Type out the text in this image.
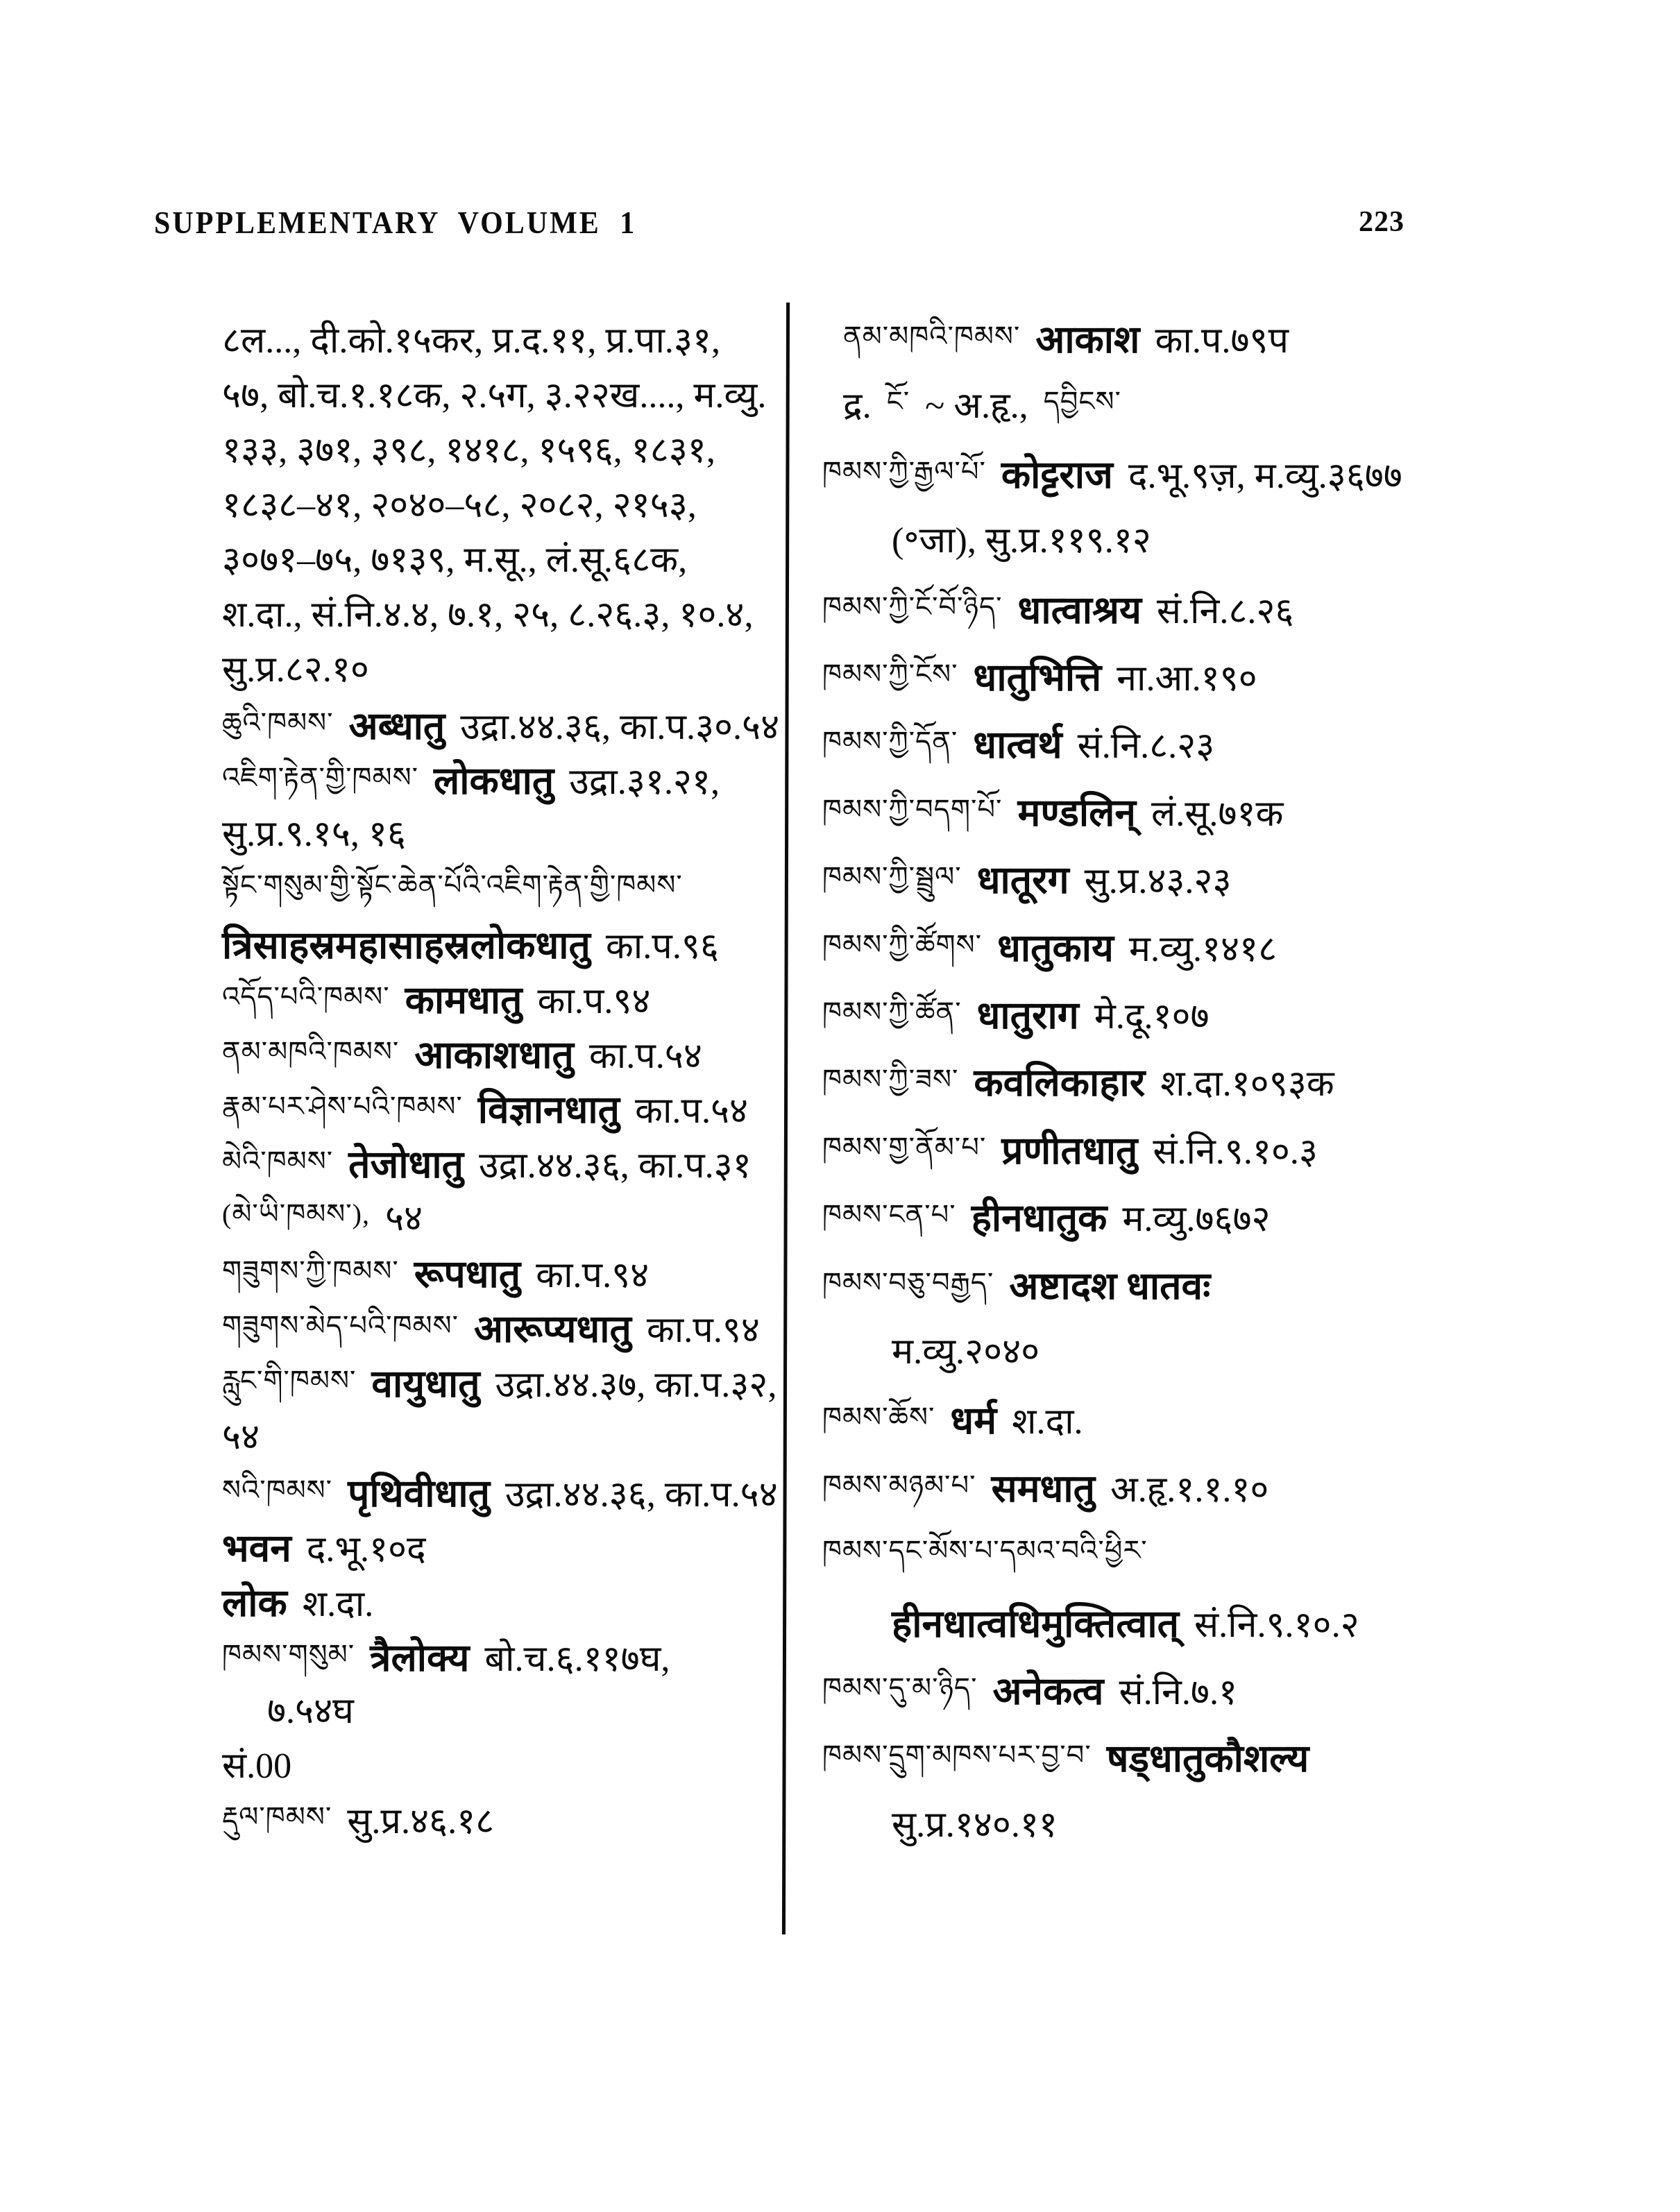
SUPPLEMENTARY VOLUME 1	223
८ल..., दी.को.१५कर, प्र.द.११, प्र.पा.३१,
५७, बो.च.१.१८क, २.५ग, ३.२२ख...., म.व्यु.
१३३, ३७१, ३९८, १४१८, १५९६, १८३१,
१८३८–४१, २०४०–५८, २०८२, २१५३,
३०७१–७५, ७१३९, म.सू., लं.सू.६८क,
श.दा., सं.नि.४.४, ७.१, २५, ८.२६.३, १०.४,
सु.प्र.८२.१०
ཆུའི་ཁམས་ अब्धातु उद्रा.४४.३६, का.प.३०.५४
འཇིག་རྟེན་གྱི་ཁམས་ लोकधातु उद्रा.३१.२१,
सु.प्र.९.१५, १६
སྟོང་གསུམ་གྱི་སྟོང་ཆེན་པོའི་འཇིག་རྟེན་གྱི་ཁམས་
त्रिसाहस्रमहासाहस्रलोकधातु का.प.९६
འདོད་པའི་ཁམས་ कामधातु का.प.९४
ནམ་མཁའི་ཁམས་ आकाशधातु का.प.५४
རྣམ་པར་ཤེས་པའི་ཁམས་ विज्ञानधातु का.प.५४
མེའི་ཁམས་ तेजोधातु उद्रा.४४.३६, का.प.३१
(མེ་ཡི་ཁམས་), ५४
གཟུགས་ཀྱི་ཁམས་ रूपधातु का.प.९४
གཟུགས་མེད་པའི་ཁམས་ आरूप्यधातु का.प.९४
རླུང་གི་ཁམས་ वायुधातु उद्रा.४४.३७, का.प.३२,
५४
སའི་ཁམས་ पृथिवीधातु उद्रा.४४.३६, का.प.५४
भवन द.भू.१०द
लोक श.दा.
ཁམས་གསུམ་ त्रैलोक्य बो.च.६.११७घ,
७.५४घ
सं.00
རྡུལ་ཁམས་ सु.प्र.४६.१८
ནམ་མཁའི་ཁམས་ आकाश का.प.७९प
द्र. ངོ་ ~ अ.हृ., དབྱིངས་
ཁམས་ཀྱི་རྒྱལ་པོ་ कोट्टराज द.भू.९ज़, म.व्यु.३६७७
(॰जा), सु.प्र.११९.१२
ཁམས་ཀྱི་ངོ་བོ་ཉིད་ धात्वाश्रय सं.नि.८.२६
ཁམས་ཀྱི་ངོས་ धातुभित्ति ना.आ.१९०
ཁམས་ཀྱི་དོན་ धात्वर्थ सं.नि.८.२३
ཁམས་ཀྱི་བདག་པོ་ मण्डलिन् लं.सू.७१क
ཁམས་ཀྱི་སྦྲུལ་ धातूरग सु.प्र.४३.२३
ཁམས་ཀྱི་ཚོགས་ धातुकाय म.व्यु.१४१८
ཁམས་ཀྱི་ཚོན་ धातुराग मे.दू.१०७
ཁམས་ཀྱི་ཟས་ कवलिकाहार श.दा.१०९३क
ཁམས་གྱ་ནོམ་པ་ प्रणीतधातु सं.नि.९.१०.३
ཁམས་ངན་པ་ हीनधातुक म.व्यु.७६७२
ཁམས་བཅུ་བརྒྱད་ अष्टादश धातवः
म.व्यु.२०४०
ཁམས་ཆོས་ धर्म श.दा.
ཁམས་མཉམ་པ་ समधातु अ.हृ.१.१.१०
ཁམས་དང་མོས་པ་དམའ་བའི་ཕྱིར་
हीनधात्वधिमुक्तित्वात् सं.नि.९.१०.२
ཁམས་དུ་མ་ཉིད་ अनेकत्व सं.नि.७.१
ཁམས་དྲུག་མཁས་པར་བྱ་བ་ षड्धातुकौशल्य
सु.प्र.१४०.११
